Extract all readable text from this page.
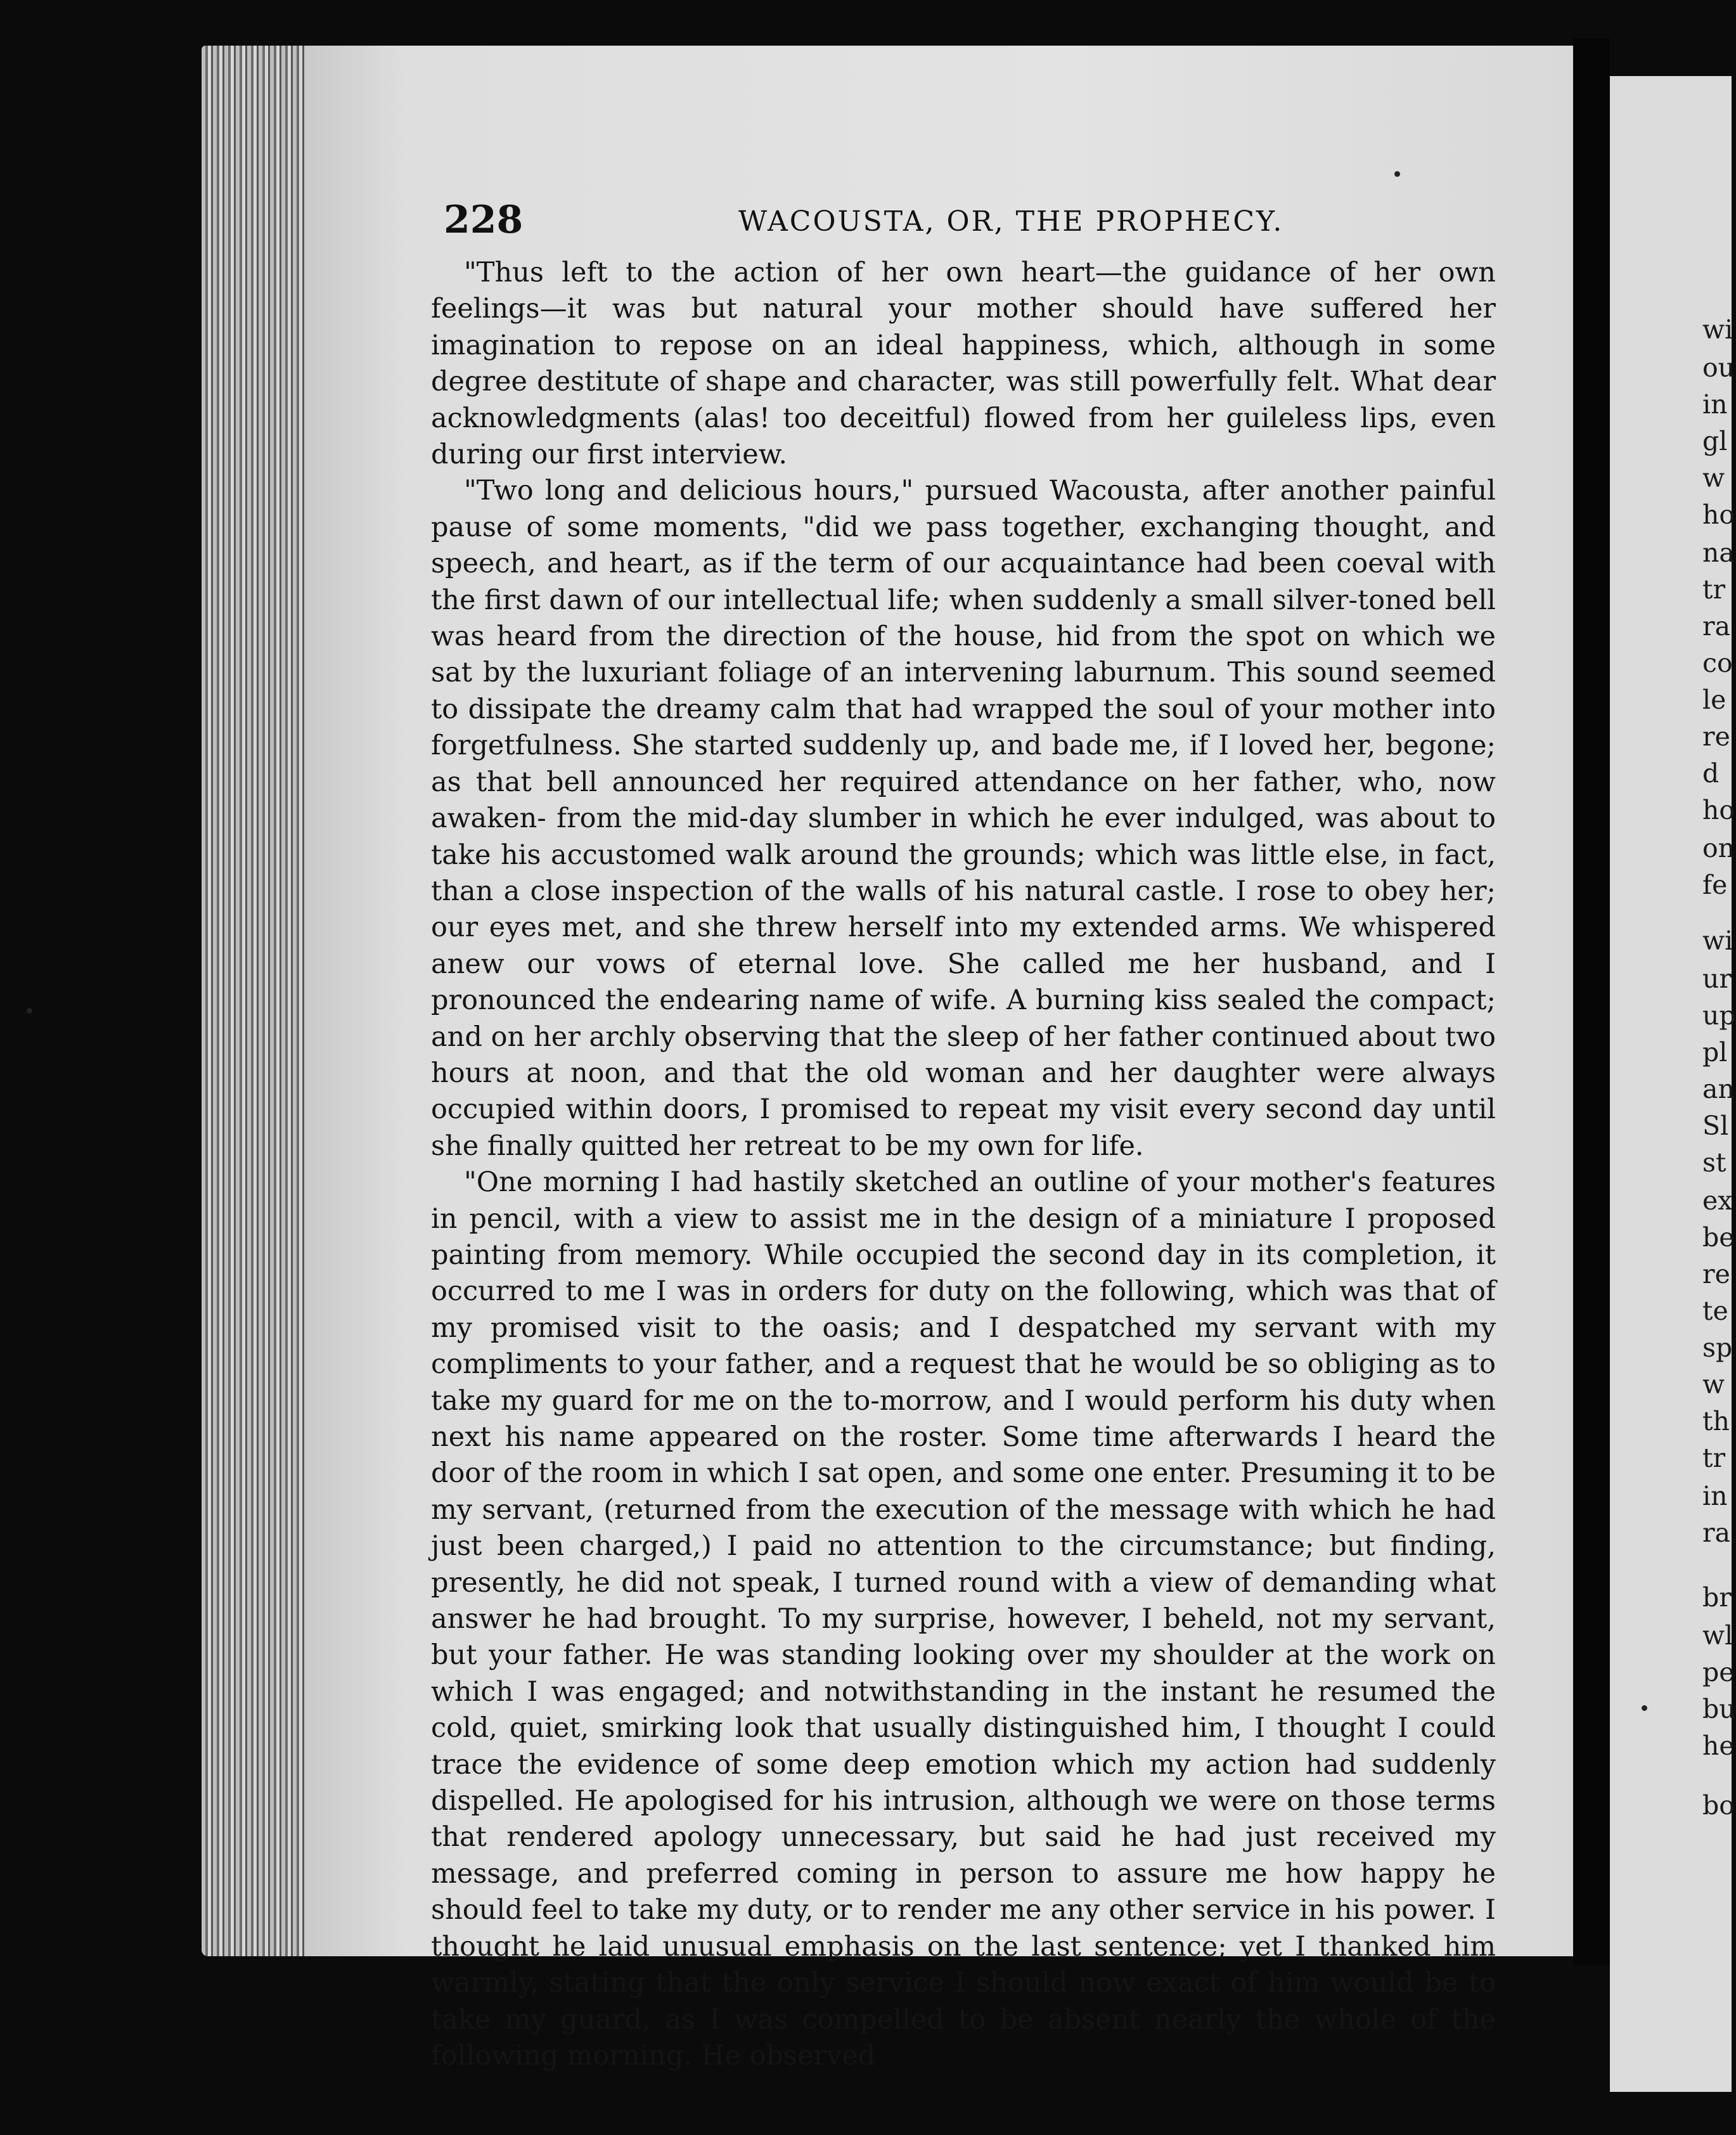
wi
ou
in
gl
w
ho
na
tr
ra
co
le
re
d
ho
on
fe
wi
ur
up
pl
an
Sl
st
ex
be
re
te
sp
w
th
tr
in
ra
br
wl
pe
bu
he
bo
228	WACOUSTA, OR, THE PROPHECY.

"Thus left to the action of her own heart—the guidance of her own feelings—it was but natural your mother should have suffered her imagination to repose on an ideal happiness, which, although in some degree destitute of shape and character, was still powerfully felt. What dear acknowledgments (alas! too deceitful) flowed from her guileless lips, even during our first interview.

"Two long and delicious hours," pursued Wacousta, after another painful pause of some moments, "did we pass together, exchanging thought, and speech, and heart, as if the term of our acquaintance had been coeval with the first dawn of our intellectual life; when suddenly a small silver-toned bell was heard from the direction of the house, hid from the spot on which we sat by the luxuriant foliage of an intervening laburnum. This sound seemed to dissipate the dreamy calm that had wrapped the soul of your mother into forgetfulness. She started suddenly up, and bade me, if I loved her, begone; as that bell announced her required attendance on her father, who, now awaken- from the mid-day slumber in which he ever indulged, was about to take his accustomed walk around the grounds; which was little else, in fact, than a close inspection of the walls of his natural castle. I rose to obey her; our eyes met, and she threw herself into my extended arms. We whispered anew our vows of eternal love. She called me her husband, and I pronounced the endearing name of wife. A burning kiss sealed the compact; and on her archly observing that the sleep of her father continued about two hours at noon, and that the old woman and her daughter were always occupied within doors, I promised to repeat my visit every second day until she finally quitted her retreat to be my own for life.

"One morning I had hastily sketched an outline of your mother's features in pencil, with a view to assist me in the design of a miniature I proposed painting from memory. While occupied the second day in its completion, it occurred to me I was in orders for duty on the following, which was that of my promised visit to the oasis; and I despatched my servant with my compliments to your father, and a request that he would be so obliging as to take my guard for me on the to-morrow, and I would perform his duty when next his name appeared on the roster. Some time afterwards I heard the door of the room in which I sat open, and some one enter. Presuming it to be my servant, (returned from the execution of the message with which he had just been charged,) I paid no attention to the circumstance; but finding, presently, he did not speak, I turned round with a view of demanding what answer he had brought. To my surprise, however, I beheld, not my servant, but your father. He was standing looking over my shoulder at the work on which I was engaged; and notwithstanding in the instant he resumed the cold, quiet, smirking look that usually distinguished him, I thought I could trace the evidence of some deep emotion which my action had suddenly dispelled. He apologised for his intrusion, although we were on those terms that rendered apology unnecessary, but said he had just received my message, and preferred coming in person to assure me how happy he should feel to take my duty, or to render me any other service in his power. I thought he laid unusual emphasis on the last sentence; yet I thanked him warmly, stating that the only service I should now exact of him would be to take my guard, as I was compelled to be absent nearly the whole of the following morning. He observed
